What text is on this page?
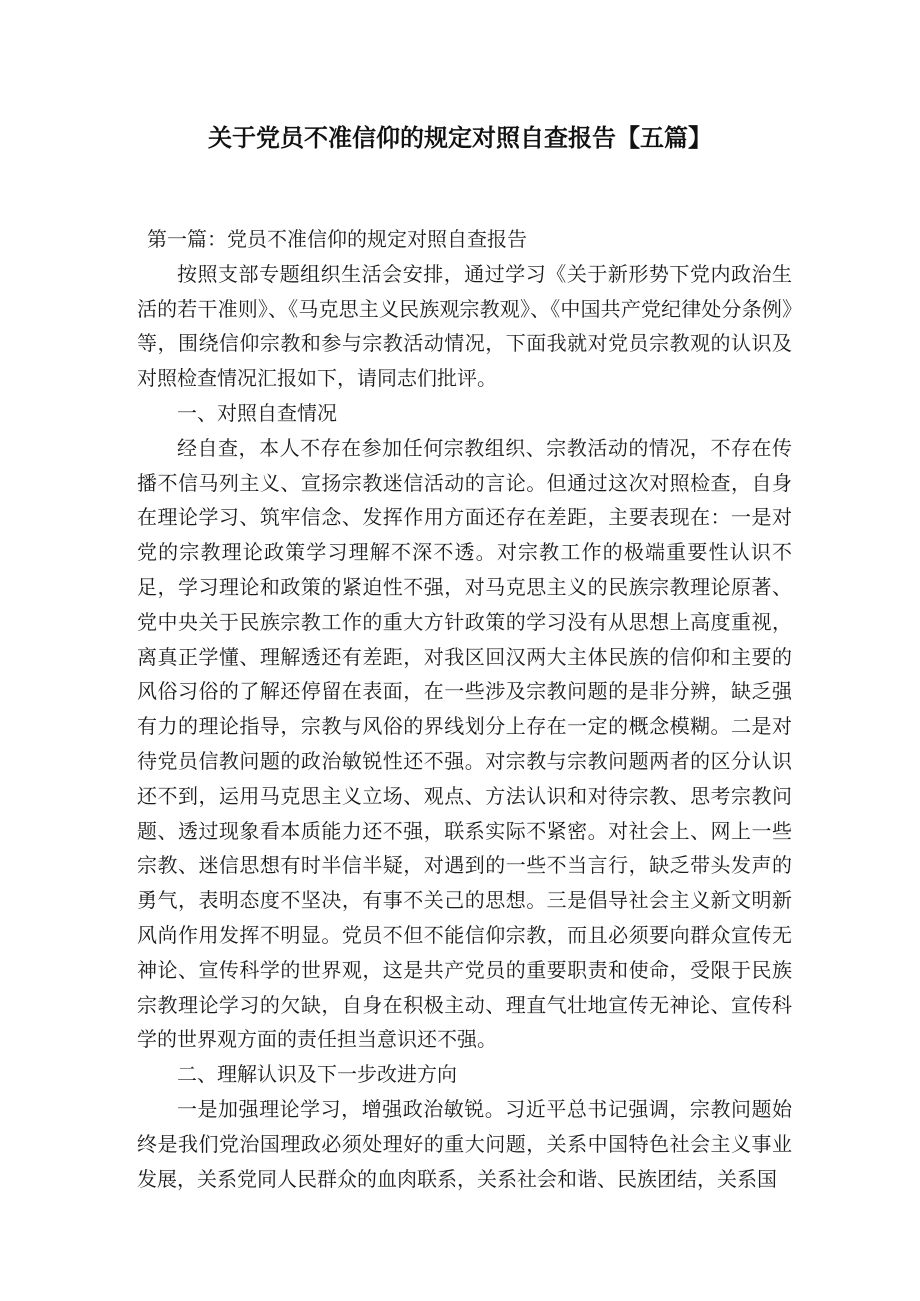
关于党员不准信仰的规定对照自查报告【五篇】

第一篇：党员不准信仰的规定对照自查报告

按照支部专题组织生活会安排，通过学习《关于新形势下党内政治生活的若干准则》、《马克思主义民族观宗教观》、《中国共产党纪律处分条例》等，围绕信仰宗教和参与宗教活动情况，下面我就对党员宗教观的认识及对照检查情况汇报如下，请同志们批评。

一、对照自查情况

经自查，本人不存在参加任何宗教组织、宗教活动的情况，不存在传播不信马列主义、宣扬宗教迷信活动的言论。但通过这次对照检查，自身在理论学习、筑牢信念、发挥作用方面还存在差距，主要表现在：一是对党的宗教理论政策学习理解不深不透。对宗教工作的极端重要性认识不足，学习理论和政策的紧迫性不强，对马克思主义的民族宗教理论原著、党中央关于民族宗教工作的重大方针政策的学习没有从思想上高度重视，离真正学懂、理解透还有差距，对我区回汉两大主体民族的信仰和主要的风俗习俗的了解还停留在表面，在一些涉及宗教问题的是非分辨，缺乏强有力的理论指导，宗教与风俗的界线划分上存在一定的概念模糊。二是对待党员信教问题的政治敏锐性还不强。对宗教与宗教问题两者的区分认识还不到，运用马克思主义立场、观点、方法认识和对待宗教、思考宗教问题、透过现象看本质能力还不强，联系实际不紧密。对社会上、网上一些宗教、迷信思想有时半信半疑，对遇到的一些不当言行，缺乏带头发声的勇气，表明态度不坚决，有事不关己的思想。三是倡导社会主义新文明新风尚作用发挥不明显。党员不但不能信仰宗教，而且必须要向群众宣传无神论、宣传科学的世界观，这是共产党员的重要职责和使命，受限于民族宗教理论学习的欠缺，自身在积极主动、理直气壮地宣传无神论、宣传科学的世界观方面的责任担当意识还不强。

二、理解认识及下一步改进方向

一是加强理论学习，增强政治敏锐。习近平总书记强调，宗教问题始终是我们党治国理政必须处理好的重大问题，关系中国特色社会主义事业发展，关系党同人民群众的血肉联系，关系社会和谐、民族团结，关系国
